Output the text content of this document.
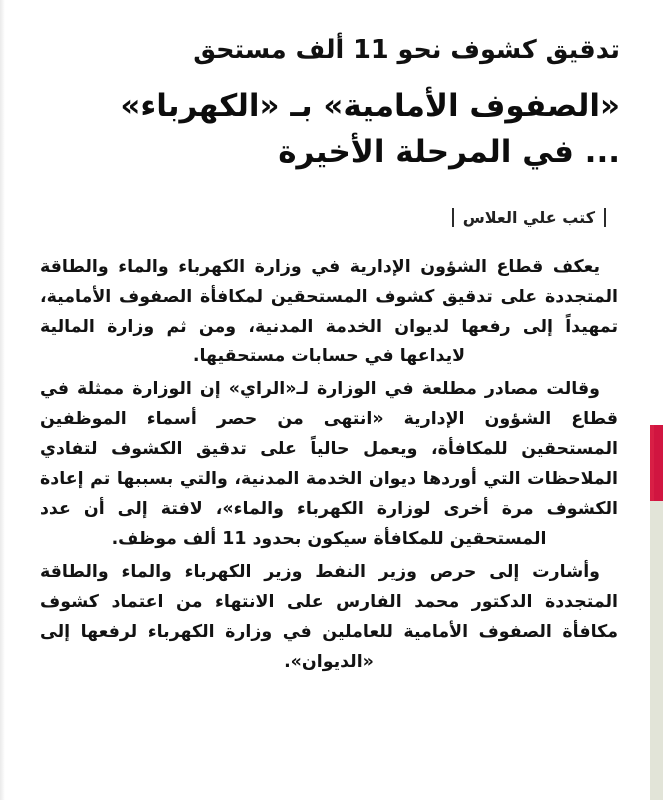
تدقيق كشوف نحو 11 ألف مستحق
«الصفوف الأمامية» بـ «الكهرباء»
... في المرحلة الأخيرة
كتب علي العلاس

يعكف قطاع الشؤون الإدارية في وزارة الكهرباء والماء والطاقة المتجددة على تدقيق كشوف المستحقين لمكافأة الصفوف الأمامية، تمهيداً إلى رفعها لديوان الخدمة المدنية، ومن ثم وزارة المالية لايداعها في حسابات مستحقيها.

وقالت مصادر مطلعة في الوزارة لـ«الراي» إن الوزارة ممثلة في قطاع الشؤون الإدارية «انتهى من حصر أسماء الموظفين المستحقين للمكافأة، ويعمل حالياً على تدقيق الكشوف لتفادي الملاحظات التي أوردها ديوان الخدمة المدنية، والتي بسببها تم إعادة الكشوف مرة أخرى لوزارة الكهرباء والماء»، لافتة إلى أن عدد المستحقين للمكافأة سيكون بحدود 11 ألف موظف.

وأشارت إلى حرص وزير النفط وزير الكهرباء والماء والطاقة المتجددة الدكتور محمد الفارس على الانتهاء من اعتماد كشوف مكافأة الصفوف الأمامية للعاملين في وزارة الكهرباء لرفعها إلى «الديوان».
